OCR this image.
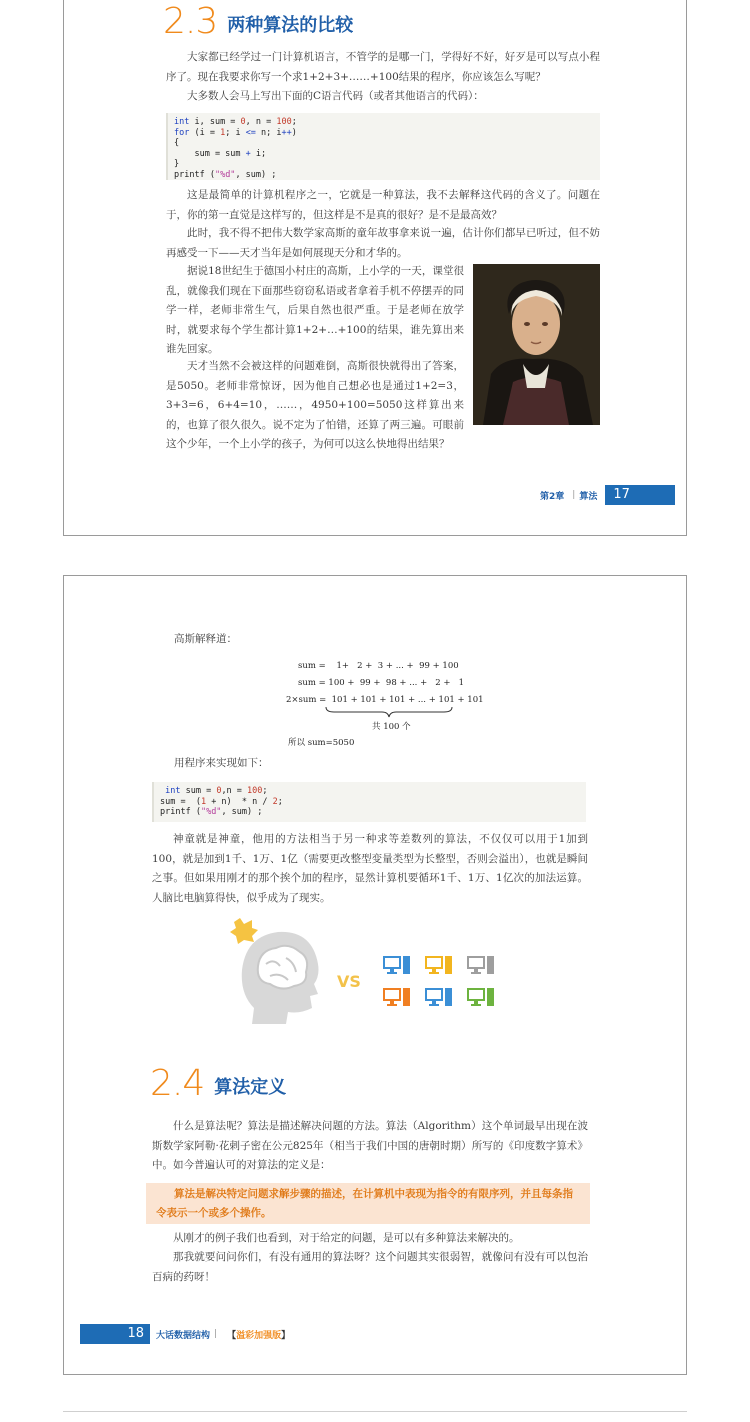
2.3 两种算法的比较

大家都已经学过一门计算机语言，不管学的是哪一门，学得好不好，好歹是可以写点小程序了。现在我要求你写一个求1+2+3+……+100结果的程序，你应该怎么写呢？

大多数人会马上写出下面的C语言代码（或者其他语言的代码）：

int i, sum = 0, n = 100;
for (i = 1; i <= n; i++)
{
sum = sum + i;
}
printf ("%d", sum) ;

这是最简单的计算机程序之一，它就是一种算法，我不去解释这代码的含义了。问题在于，你的第一直觉是这样写的，但这样是不是真的很好？是不是最高效？

此时，我不得不把伟大数学家高斯的童年故事拿来说一遍，估计你们都早已听过，但不妨再感受一下——天才当年是如何展现天分和才华的。

据说18世纪生于德国小村庄的高斯，上小学的一天，课堂很乱，就像我们现在下面那些窃窃私语或者拿着手机不停摆弄的同学一样，老师非常生气，后果自然也很严重。于是老师在放学时，就要求每个学生都计算1+2+…+100的结果，谁先算出来谁先回家。

天才当然不会被这样的问题难倒，高斯很快就得出了答案，是5050。老师非常惊讶，因为他自己想必也是通过1+2=3，3+3=6，6+4=10，……，4950+100=5050这样算出来的，也算了很久很久。说不定为了怕错，还算了两三遍。可眼前这个少年，一个上小学的孩子，为何可以这么快地得出结果？

第2章 | 算法	17

高斯解释道：

sum =    1+   2 +  3 + ... +  99 + 100
sum = 100 +  99 +  98 + ... +   2 +   1
2×sum =  101 + 101 + 101 + ... + 101 + 101
共 100 个
所以 sum=5050

用程序来实现如下：

int sum = 0,n = 100;
sum =  (1 + n)  * n / 2;
printf ("%d", sum) ;

神童就是神童，他用的方法相当于另一种求等差数列的算法，不仅仅可以用于1加到100，就是加到1千、1万、1亿（需要更改整型变量类型为长整型，否则会溢出），也就是瞬间之事。但如果用刚才的那个挨个加的程序，显然计算机要循环1千、1万、1亿次的加法运算。人脑比电脑算得快，似乎成为了现实。

VS
2.4 算法定义

什么是算法呢？算法是描述解决问题的方法。算法（Algorithm）这个单词最早出现在波斯数学家阿勒·花剌子密在公元825年（相当于我们中国的唐朝时期）所写的《印度数字算术》中。如今普遍认可的对算法的定义是：

算法是解决特定问题求解步骤的描述，在计算机中表现为指令的有限序列，并且每条指令表示一个或多个操作。

从刚才的例子我们也看到，对于给定的问题，是可以有多种算法来解决的。

那我就要问问你们，有没有通用的算法呀？这个问题其实很弱智，就像问有没有可以包治百病的药呀！

18	大话数据结构 | 【溢彩加强版】
